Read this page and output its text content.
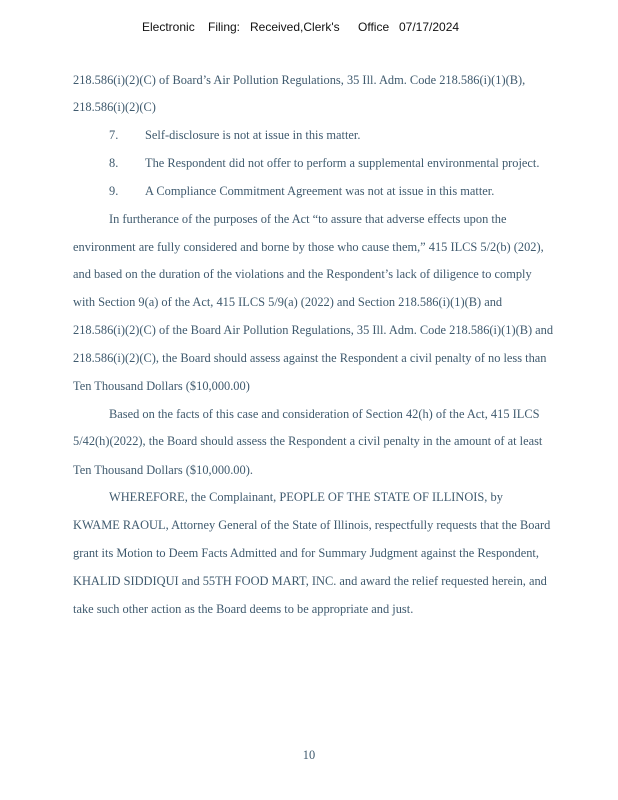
Electronic Filing: Received,Clerk's Office 07/17/2024
218.586(i)(2)(C) of Board’s Air Pollution Regulations, 35 Ill. Adm. Code 218.586(i)(1)(B),
218.586(i)(2)(C)
7. Self-disclosure is not at issue in this matter.
8. The Respondent did not offer to perform a supplemental environmental project.
9. A Compliance Commitment Agreement was not at issue in this matter.
In furtherance of the purposes of the Act “to assure that adverse effects upon the
environment are fully considered and borne by those who cause them,” 415 ILCS 5/2(b) (202),
and based on the duration of the violations and the Respondent’s lack of diligence to comply
with Section 9(a) of the Act, 415 ILCS 5/9(a) (2022) and Section 218.586(i)(1)(B) and
218.586(i)(2)(C) of the Board Air Pollution Regulations, 35 Ill. Adm. Code 218.586(i)(1)(B) and
218.586(i)(2)(C), the Board should assess against the Respondent a civil penalty of no less than
Ten Thousand Dollars ($10,000.00)
Based on the facts of this case and consideration of Section 42(h) of the Act, 415 ILCS
5/42(h)(2022), the Board should assess the Respondent a civil penalty in the amount of at least
Ten Thousand Dollars ($10,000.00).
WHEREFORE, the Complainant, PEOPLE OF THE STATE OF ILLINOIS, by
KWAME RAOUL, Attorney General of the State of Illinois, respectfully requests that the Board
grant its Motion to Deem Facts Admitted and for Summary Judgment against the Respondent,
KHALID SIDDIQUI and 55TH FOOD MART, INC. and award the relief requested herein, and
take such other action as the Board deems to be appropriate and just.
10
